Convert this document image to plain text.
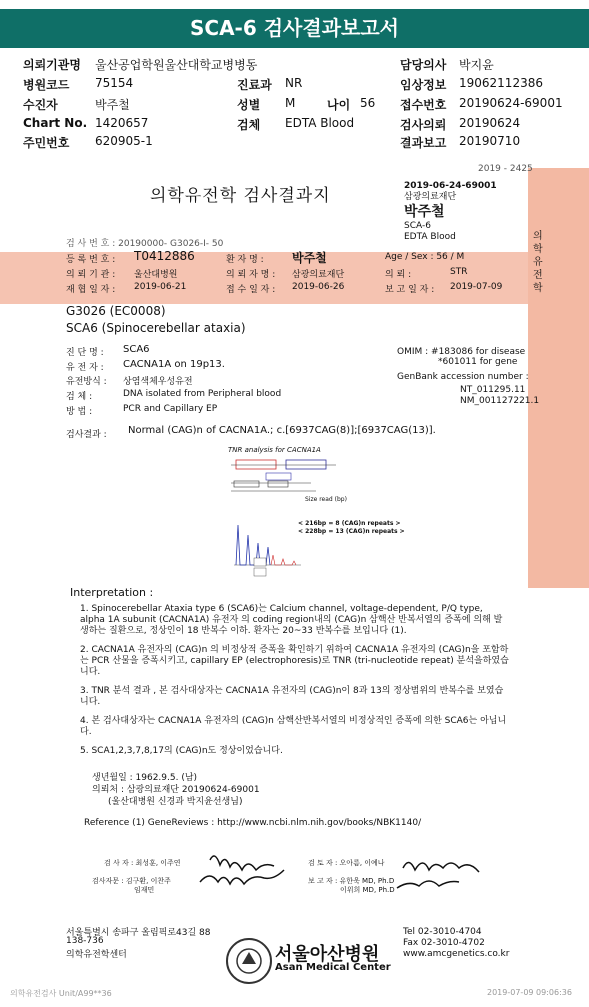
SCA-6 검사결과보고서
의뢰기관명 울산공업학원울산대학교병병동
병원코드 75154
수진자	박주철
Chart No. 1420657
주민번호 620905-1
진료과 NR
성별 M	나이 56
검체 EDTA Blood
담당의사 박지윤
임상정보 19062112386
접수번호 20190624-69001
검사의뢰 20190624
결과보고 20190710
2019 - 2425
의학유전학
의학유전학 검사결과지	2019-06-24-69001
삼광의료재단
박주철
SCA-6
EDTA Blood
검 사 번 호 : 20190000- G3026-I- 50
등 록 번 호 : T0412886	환 자 명 : 박주철	Age / Sex : 56 / M
의 뢰 기 관 : 울산대병원	의 뢰 자 명 : 삼광의료재단	의 뢰 :	STR
재 협 일 자 : 2019-06-21	접 수 일 자 : 2019-06-26	보 고 일 자 : 2019-07-09
G3026 (EC0008)
SCA6 (Spinocerebellar ataxia)
진 단 명 : SCA6
유 전 자 : CACNA1A on 19p13.
유전방식 : 상염색체우성유전
검 체 :	DNA isolated from Peripheral blood
방 법 :	PCR and Capillary EP
OMIM : #183086 for disease
*601011 for gene
GenBank accession number :
NT_011295.11
NM_001127221.1
검사결과 : Normal (CAG)n of CACNA1A.; c.[6937CAG(8)];[6937CAG(13)].
TNR analysis for CACNA1A
Size read (bp)
< 216bp = 8 (CAG)n repeats >
< 228bp = 13 (CAG)n repeats >
Interpretation :

1. Spinocerebellar Ataxia type 6 (SCA6)는 Calcium channel, voltage-dependent, P/Q type, alpha 1A subunit (CACNA1A) 유전자 의 coding region내의 (CAG)n 삼핵산 반복서열의 증폭에 의해 발생하는 질환으로, 정상인이 18 반복수 이하. 환자는 20~33 반복수를 보입니다 (1).

2. CACNA1A 유전자의 (CAG)n 의 비정상적 증폭을 확인하기 위하여 CACNA1A 유전자의 (CAG)n을 포함하는 PCR 산물을 증폭시키고, capillary EP (electrophoresis)로 TNR (tri-nucleotide repeat) 분석을하였습니다.

3. TNR 분석 결과 , 본 검사대상자는 CACNA1A 유전자의 (CAG)n이 8과 13의 정상범위의 반복수를 보였습니다.

4. 본 검사대상자는 CACNA1A 유전자의 (CAG)n 삼핵산반복서열의 비정상적인 증폭에 의한 SCA6는 아닙니다.

5. SCA1,2,3,7,8,17의 (CAG)n도 정상이었습니다.

생년월일 : 1962.9.5. (남)
의뢰처 : 삼광의료재단 20190624-69001
(울산대병원 신경과 박지윤선생님)
Reference (1) GeneReviews : http://www.ncbi.nlm.nih.gov/books/NBK1140/
검 사 자 : 최성훈, 이주연	검 토 자 : 오아름, 이예나
검사자문 : 김구환, 이찬주
임재민
보 고 자 : 유한욱 MD, Ph.D
이위희 MD, Ph.D
서울특별시 송파구 올림픽로43길 88
138-736
의학유전학센터
Tel 02-3010-4704
Fax 02-3010-4702
www.amcgenetics.co.kr
서울아산병원
Asan Medical Center
의학유전검사 Unit/A99**36	2019-07-09 09:06:36
